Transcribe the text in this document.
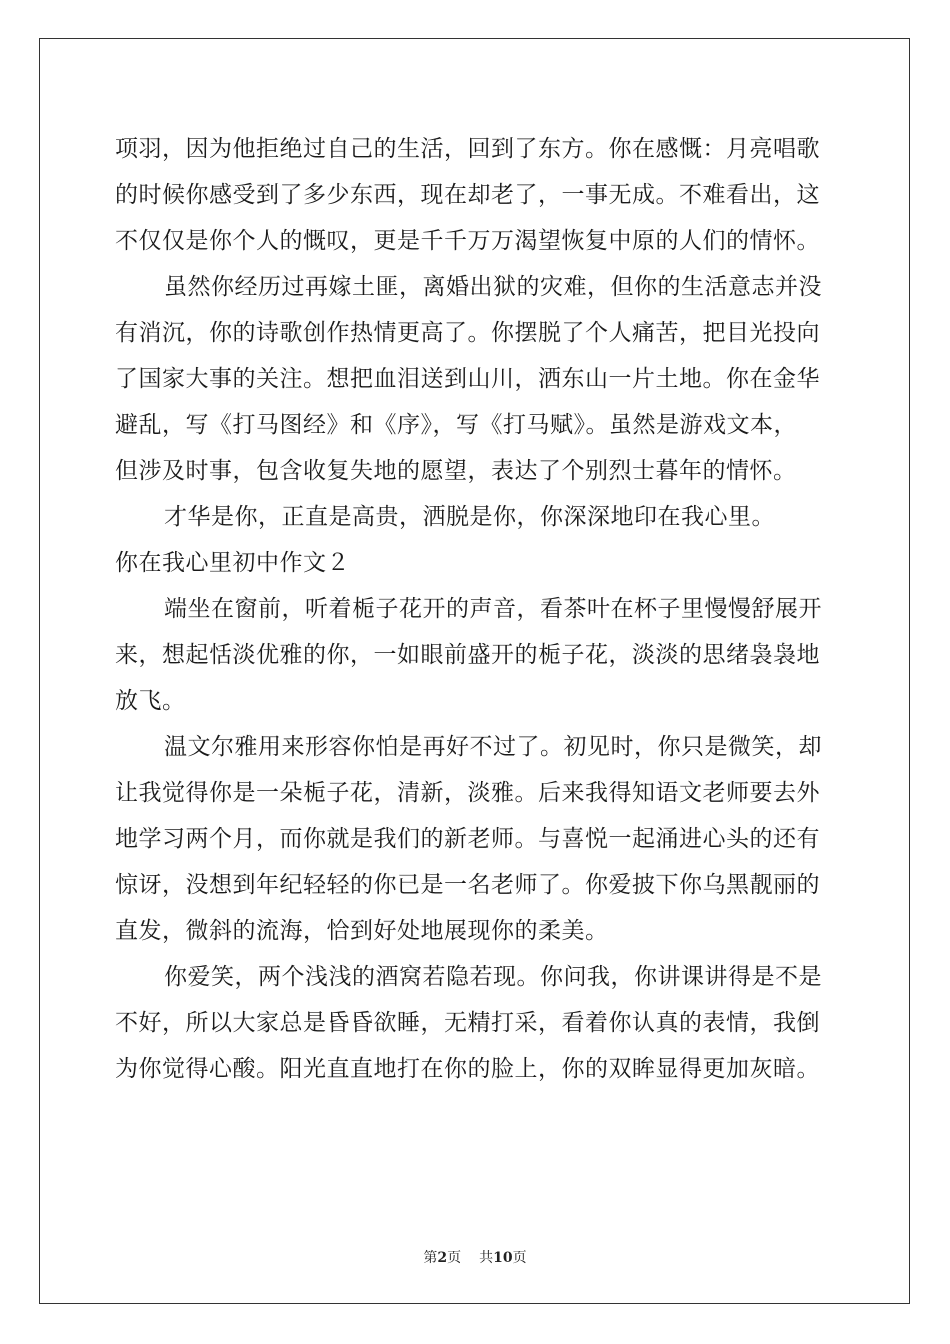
项羽，因为他拒绝过自己的生活，回到了东方。你在感慨：月亮唱歌
的时候你感受到了多少东西，现在却老了，一事无成。不难看出，这
不仅仅是你个人的慨叹，更是千千万万渴望恢复中原的人们的情怀。
虽然你经历过再嫁土匪，离婚出狱的灾难，但你的生活意志并没
有消沉，你的诗歌创作热情更高了。你摆脱了个人痛苦，把目光投向
了国家大事的关注。想把血泪送到山川，洒东山一片土地。你在金华
避乱，写《打马图经》和《序》，写《打马赋》。虽然是游戏文本，
但涉及时事，包含收复失地的愿望，表达了个别烈士暮年的情怀。
才华是你，正直是高贵，洒脱是你，你深深地印在我心里。
你在我心里初中作文２
端坐在窗前，听着栀子花开的声音，看茶叶在杯子里慢慢舒展开
来，想起恬淡优雅的你，一如眼前盛开的栀子花，淡淡的思绪袅袅地
放飞。
温文尔雅用来形容你怕是再好不过了。初见时，你只是微笑，却
让我觉得你是一朵栀子花，清新，淡雅。后来我得知语文老师要去外
地学习两个月，而你就是我们的新老师。与喜悦一起涌进心头的还有
惊讶，没想到年纪轻轻的你已是一名老师了。你爱披下你乌黑靓丽的
直发，微斜的流海，恰到好处地展现你的柔美。
你爱笑，两个浅浅的酒窝若隐若现。你问我，你讲课讲得是不是
不好，所以大家总是昏昏欲睡，无精打采，看着你认真的表情，我倒
为你觉得心酸。阳光直直地打在你的脸上，你的双眸显得更加灰暗。
第2页 共10页
